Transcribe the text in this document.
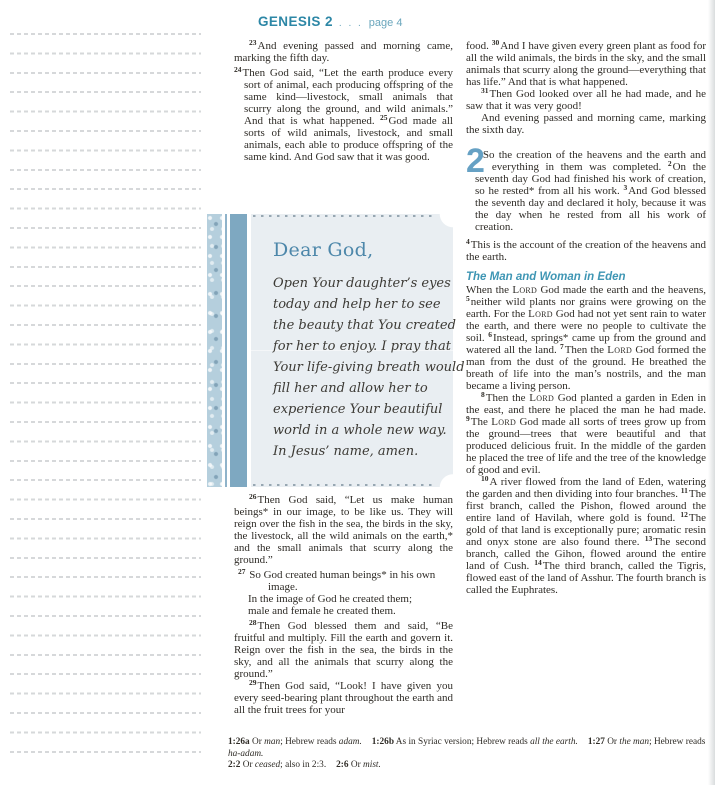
GENESIS 2 . . . page 4

$^{23}$And evening passed and morning came, marking the fifth day.

$^{24}$Then God said, “Let the earth produce every sort of animal, each producing offspring of the same kind—livestock, small animals that scurry along the ground, and wild animals.” And that is what happened. $^{25}$God made all sorts of wild animals, livestock, and small animals, each able to produce offspring of the same kind. And God saw that it was good.

Dear God,
Open Your daughter’s eyes
today and help her to see
the beauty that You created
for her to enjoy. I pray that
Your life-giving breath would
fill her and allow her to
experience Your beautiful
world in a whole new way.
In Jesus’ name, amen.

$^{26}$Then God said, “Let us make human beings* in our image, to be like us. They will reign over the fish in the sea, the birds in the sky, the livestock, all the wild animals on the earth,* and the small animals that scurry along the ground.”

$^{27}$ So God created human beings* in his own image.

In the image of God he created them;

male and female he created them.

$^{28}$Then God blessed them and said, “Be fruitful and multiply. Fill the earth and govern it. Reign over the fish in the sea, the birds in the sky, and all the animals that scurry along the ground.”

$^{29}$Then God said, “Look! I have given you every seed-bearing plant throughout the earth and all the fruit trees for your

food. $^{30}$And I have given every green plant as food for all the wild animals, the birds in the sky, and the small animals that scurry along the ground—everything that has life.” And that is what happened.

$^{31}$Then God looked over all he had made, and he saw that it was very good!

And evening passed and morning came, marking the sixth day.

2

So the creation of the heavens and the earth and everything in them was completed. $^2$On the seventh day God had finished his work of creation, so he rested* from all his work. $^3$And God blessed the seventh day and declared it holy, because it was the day when he rested from all his work of creation.

$^4$This is the account of the creation of the heavens and the earth.

The Man and Woman in Eden

When the Lord God made the earth and the heavens, $^5$neither wild plants nor grains were growing on the earth. For the Lord God had not yet sent rain to water the earth, and there were no people to cultivate the soil. $^6$Instead, springs* came up from the ground and watered all the land. $^7$Then the Lord God formed the man from the dust of the ground. He breathed the breath of life into the man’s nostrils, and the man became a living person.

$^8$Then the Lord God planted a garden in Eden in the east, and there he placed the man he had made. $^9$The Lord God made all sorts of trees grow up from the ground—trees that were beautiful and that produced delicious fruit. In the middle of the garden he placed the tree of life and the tree of the knowledge of good and evil.

$^{10}$A river flowed from the land of Eden, watering the garden and then dividing into four branches. $^{11}$The first branch, called the Pishon, flowed around the entire land of Havilah, where gold is found. $^{12}$The gold of that land is exceptionally pure; aromatic resin and onyx stone are also found there. $^{13}$The second branch, called the Gihon, flowed around the entire land of Cush. $^{14}$The third branch, called the Tigris, flowed east of the land of Asshur. The fourth branch is called the Euphrates.

1:26a Or man; Hebrew reads adam. 1:26b As in Syriac version; Hebrew reads all the earth. 1:27 Or the man; Hebrew reads ha-adam.
2:2 Or ceased; also in 2:3. 2:6 Or mist.
